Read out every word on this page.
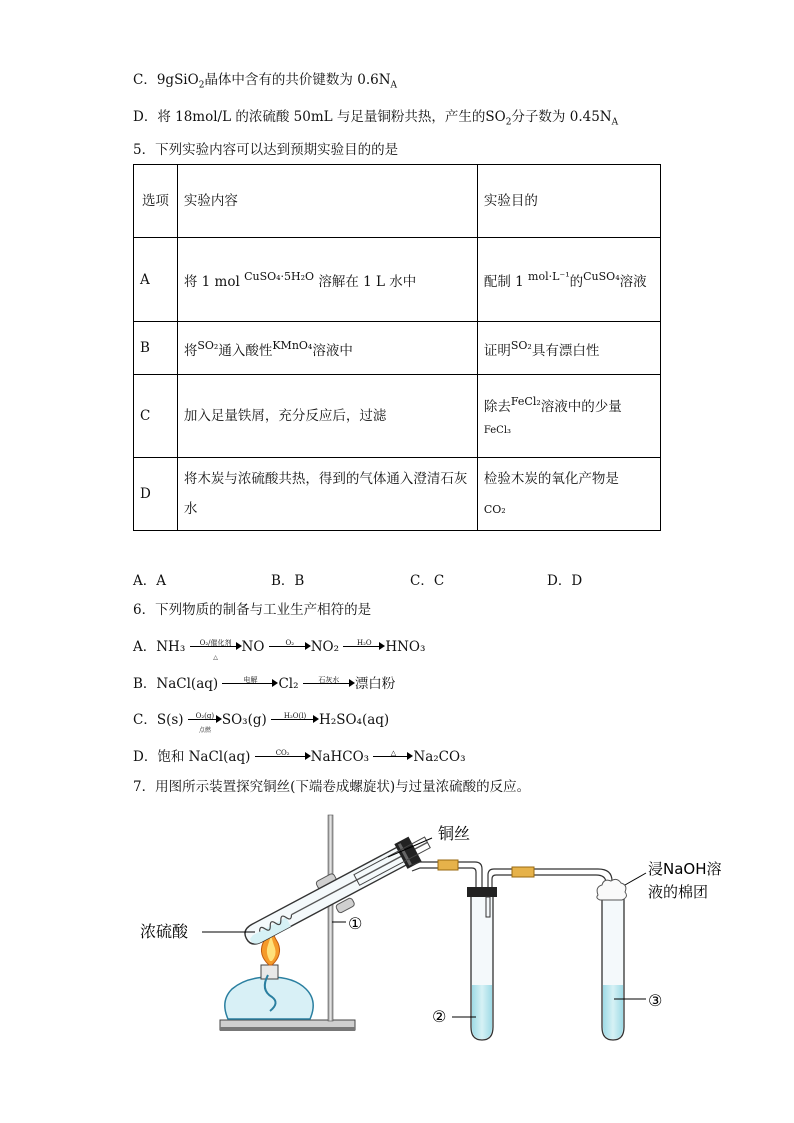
C．9gSiO$_2$晶体中含有的共价键数为 $0.6N_A$
D．将 18mol/L 的浓硫酸 50mL 与足量铜粉共热，产生的$SO_2$分子数为 $0.45N_A$
5．下列实验内容可以达到预期实验目的的是
选项	实验内容	实验目的
A	将 1 mol $^{CuSO_4\cdot 5H_2O}$ 溶解在 1 L 水中	配制 1 $^{mol\cdot L^{-1}}$的$^{CuSO_4}$溶液
B	将$^{SO_2}$通入酸性$^{KMnO_4}$溶液中	证明$^{SO_2}$具有漂白性
C	加入足量铁屑，充分反应后，过滤	除去$^{FeCl_2}$溶液中的少量
FeCl₃
D	将木炭与浓硫酸共热，得到的气体通入澄清石灰水	检验木炭的氧化产物是
CO₂
A．A	B．B	C．C	D．D
6．下列物质的制备与工业生产相符的是
A．NH₃	O₂/催化剂
△
NO	O₂	NO₂	H₂O	HNO₃
B．NaCl(aq)	电解	Cl₂	石灰水	漂白粉
C．S(s)	O₂(g)
点燃
SO₃(g)	H₂O(l) H₂SO₄(aq)
D．饱和 NaCl(aq)	CO₂	NaHCO₃	△	Na₂CO₃
7．用图所示装置探究铜丝(下端卷成螺旋状)与过量浓硫酸的反应。
铜丝
浓硫酸	①
②
③
浸NaOH溶
液的棉团
